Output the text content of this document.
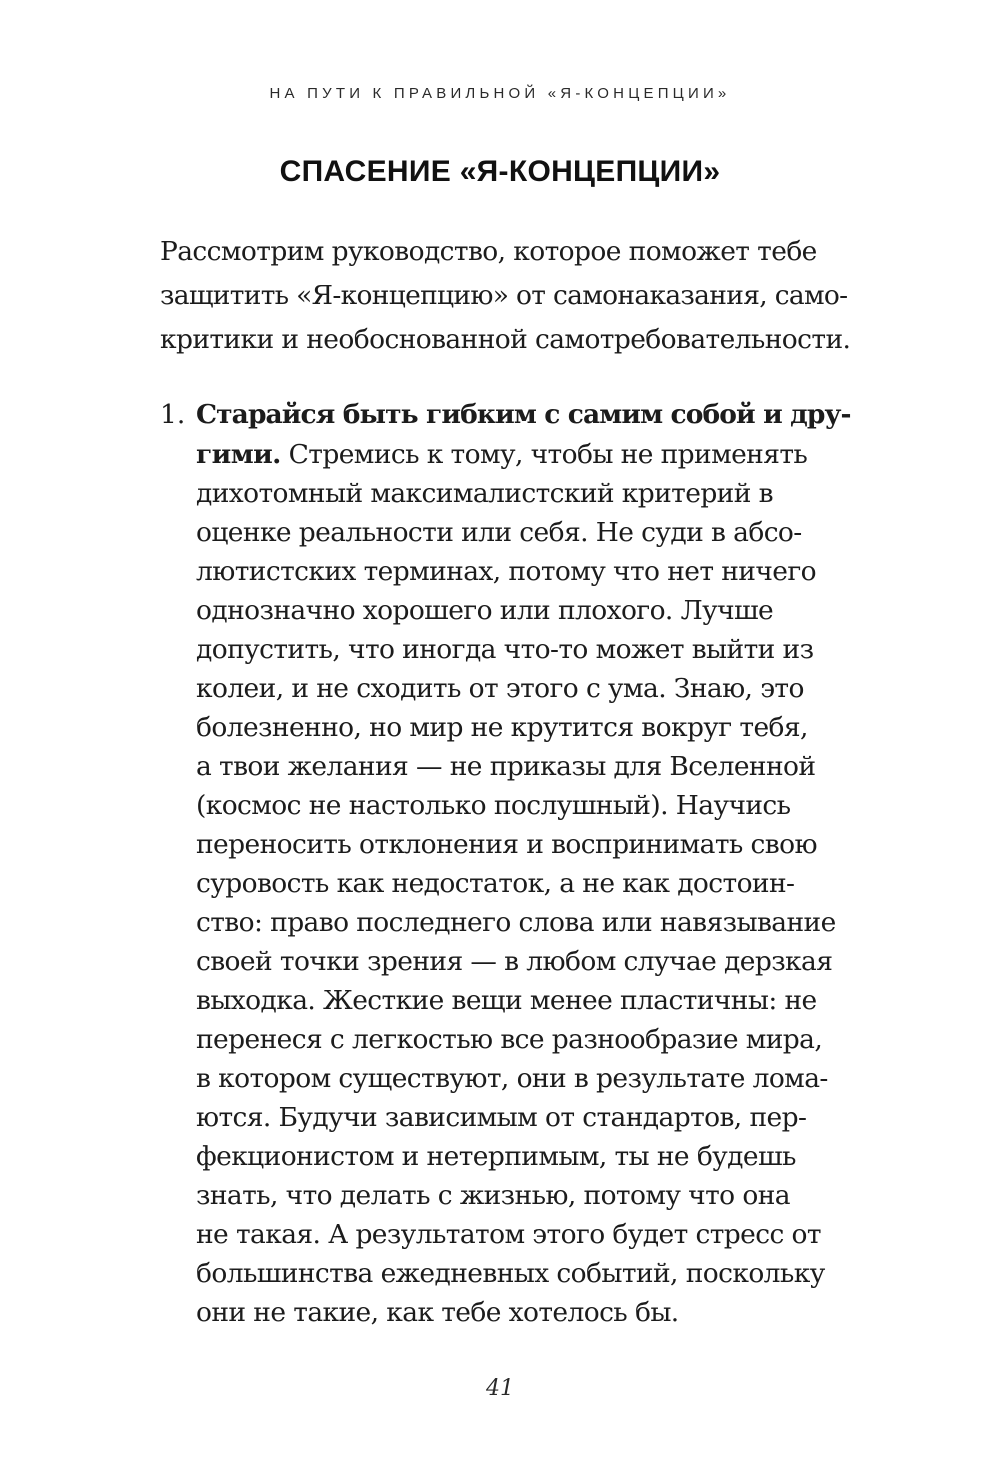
НА ПУТИ К ПРАВИЛЬНОЙ «Я-КОНЦЕПЦИИ»
СПАСЕНИЕ «Я-КОНЦЕПЦИИ»
Рассмотрим руководство, которое поможет тебе
защитить «Я-концепцию» от самонаказания, само-
критики и необоснованной самотребовательности.
1. Старайся быть гибким с самим собой и дру-
гими. Стремись к тому, чтобы не применять
дихотомный максималистский критерий в
оценке реальности или себя. Не суди в абсо-
лютистских терминах, потому что нет ничего
однозначно хорошего или плохого. Лучше
допустить, что иногда что-то может выйти из
колеи, и не сходить от этого с ума. Знаю, это
болезненно, но мир не крутится вокруг тебя,
а твои желания — не приказы для Вселенной
(космос не настолько послушный). Научись
переносить отклонения и воспринимать свою
суровость как недостаток, а не как достоин-
ство: право последнего слова или навязывание
своей точки зрения — в любом случае дерзкая
выходка. Жесткие вещи менее пластичны: не
перенеся с легкостью все разнообразие мира,
в котором существуют, они в результате лома-
ются. Будучи зависимым от стандартов, пер-
фекционистом и нетерпимым, ты не будешь
знать, что делать с жизнью, потому что она
не такая. А результатом этого будет стресс от
большинства ежедневных событий, поскольку
они не такие, как тебе хотелось бы.
41
